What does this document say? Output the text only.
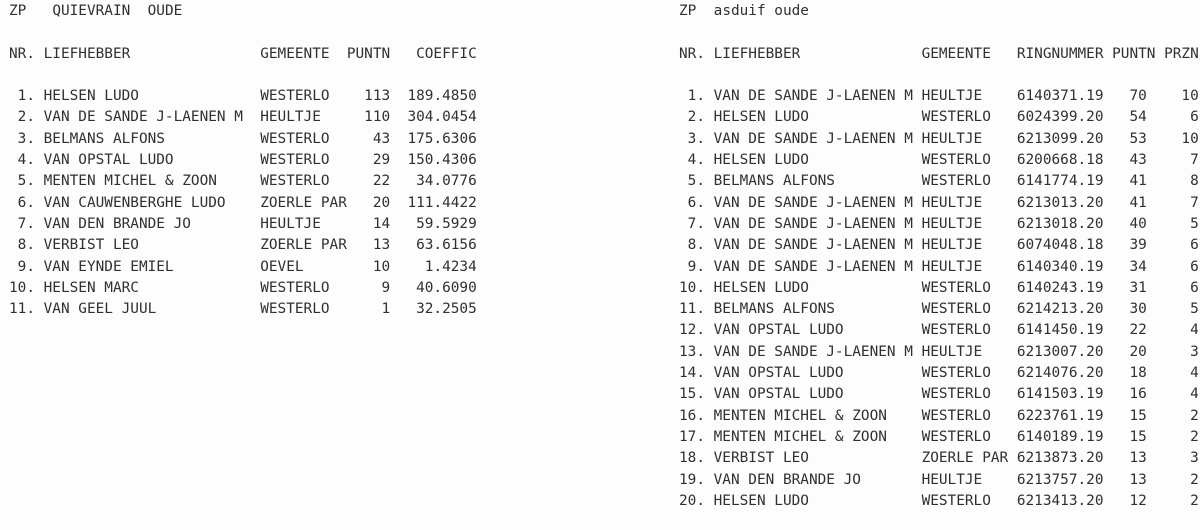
ZP   QUIEVRAIN  OUDE
NR. LIEFHEBBER	GEMEENTE	PUNTN	COEFFIC
1. HELSEN LUDO	WESTERLO	113 189.4850
2. VAN DE SANDE J-LAENEN M HEULTJE	110 304.0454
3. BELMANS ALFONS	WESTERLO	43 175.6306
4. VAN OPSTAL LUDO	WESTERLO	29 150.4306
5. MENTEN MICHEL & ZOON	WESTERLO	22	34.0776
6. VAN CAUWENBERGHE LUDO	ZOERLE PAR	20 111.4422
7. VAN DEN BRANDE JO	HEULTJE	14	59.5929
8. VERBIST LEO	ZOERLE PAR	13	63.6156
9. VAN EYNDE EMIEL	OEVEL	10	1.4234
10. HELSEN MARC	WESTERLO	9	40.6090
11. VAN GEEL JUUL	WESTERLO	1	32.2505
ZP  asduif oude
NR. LIEFHEBBER	GEMEENTE	RINGNUMMER PUNTN PRZN
1. VAN DE SANDE J-LAENEN M HEULTJE	6140371.19	70	10
2. HELSEN LUDO	WESTERLO	6024399.20	54	6
3. VAN DE SANDE J-LAENEN M HEULTJE	6213099.20	53	10
4. HELSEN LUDO	WESTERLO	6200668.18	43	7
5. BELMANS ALFONS	WESTERLO	6141774.19	41	8
6. VAN DE SANDE J-LAENEN M HEULTJE	6213013.20	41	7
7. VAN DE SANDE J-LAENEN M HEULTJE	6213018.20	40	5
8. VAN DE SANDE J-LAENEN M HEULTJE	6074048.18	39	6
9. VAN DE SANDE J-LAENEN M HEULTJE	6140340.19	34	6
10. HELSEN LUDO	WESTERLO	6140243.19	31	6
11. BELMANS ALFONS	WESTERLO	6214213.20	30	5
12. VAN OPSTAL LUDO	WESTERLO	6141450.19	22	4
13. VAN DE SANDE J-LAENEN M HEULTJE	6213007.20	20	3
14. VAN OPSTAL LUDO	WESTERLO	6214076.20	18	4
15. VAN OPSTAL LUDO	WESTERLO	6141503.19	16	4
16. MENTEN MICHEL & ZOON	WESTERLO	6223761.19	15	2
17. MENTEN MICHEL & ZOON	WESTERLO	6140189.19	15	2
18. VERBIST LEO	ZOERLE PAR 6213873.20	13	3
19. VAN DEN BRANDE JO	HEULTJE	6213757.20	13	2
20. HELSEN LUDO	WESTERLO	6213413.20	12	2
